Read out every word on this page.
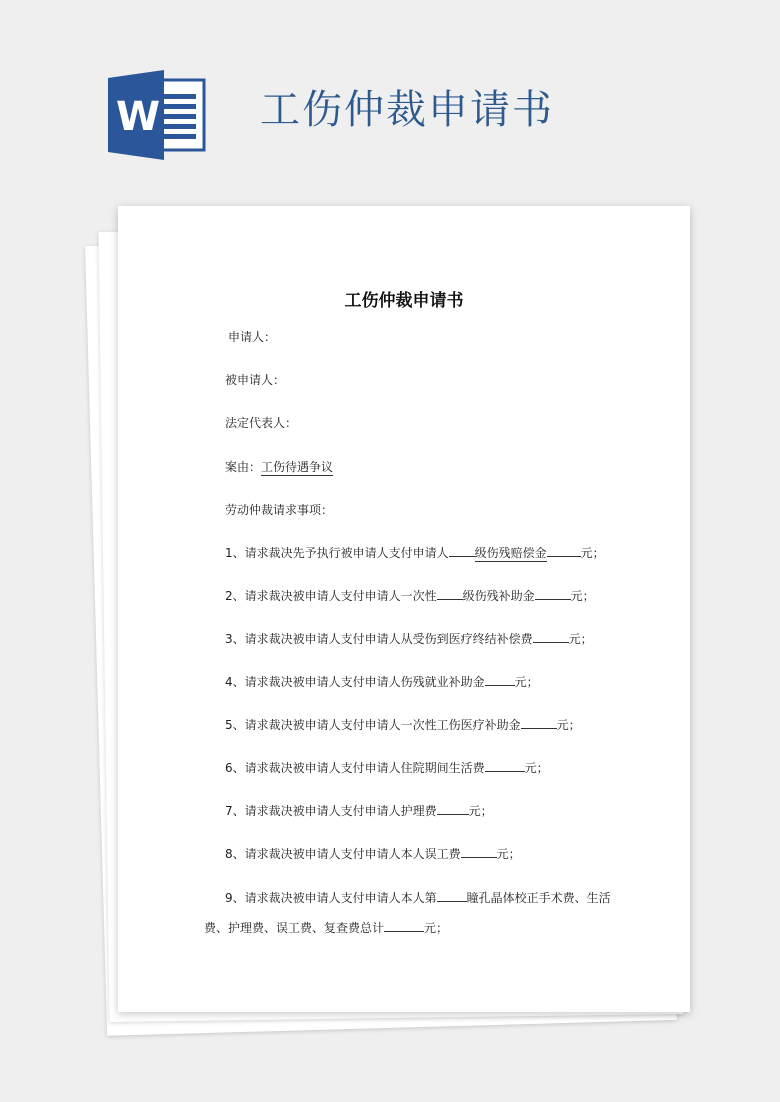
W 工伤仲裁申请书
工伤仲裁申请书
申请人：
被申请人：
法定代表人：
案由：工伤待遇争议
劳动仲裁请求事项：
1、请求裁决先予执行被申请人支付申请人 级伤残赔偿金	元；
2、请求裁决被申请人支付申请人一次性 级伤残补助金	元；
3、请求裁决被申请人支付申请人从受伤到医疗终结补偿费	元；
4、请求裁决被申请人支付申请人伤残就业补助金	元；
5、请求裁决被申请人支付申请人一次性工伤医疗补助金	元；
6、请求裁决被申请人支付申请人住院期间生活费	元；
7、请求裁决被申请人支付申请人护理费	元；
8、请求裁决被申请人支付申请人本人误工费	元；
9、请求裁决被申请人支付申请人本人第	瞳孔晶体校正手术费、生活
费、护理费、误工费、复查费总计	元；
